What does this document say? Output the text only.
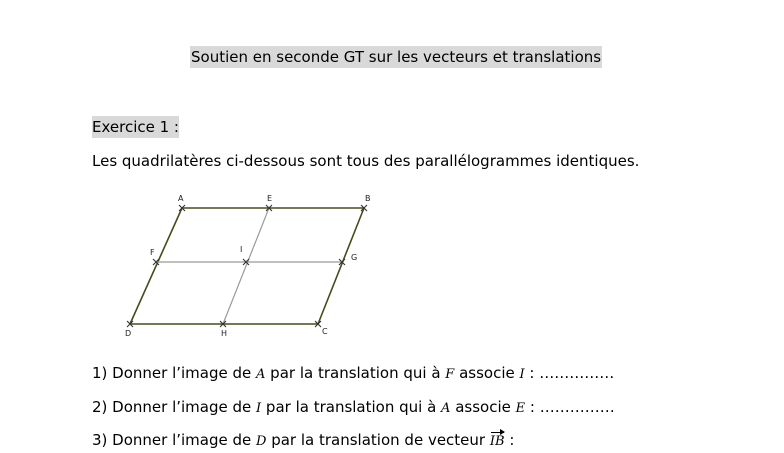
Soutien en seconde GT sur les vecteurs et translations
Exercice 1 :
Les quadrilatères ci-dessous sont tous des parallélogrammes identiques.
A	E	B
F	I
G
D	H	C
1) Donner l’image de A par la translation qui à F associe I : ……………
2) Donner l’image de I par la translation qui à A associe E : ……………
3) Donner l’image de D par la translation de vecteur IB :
